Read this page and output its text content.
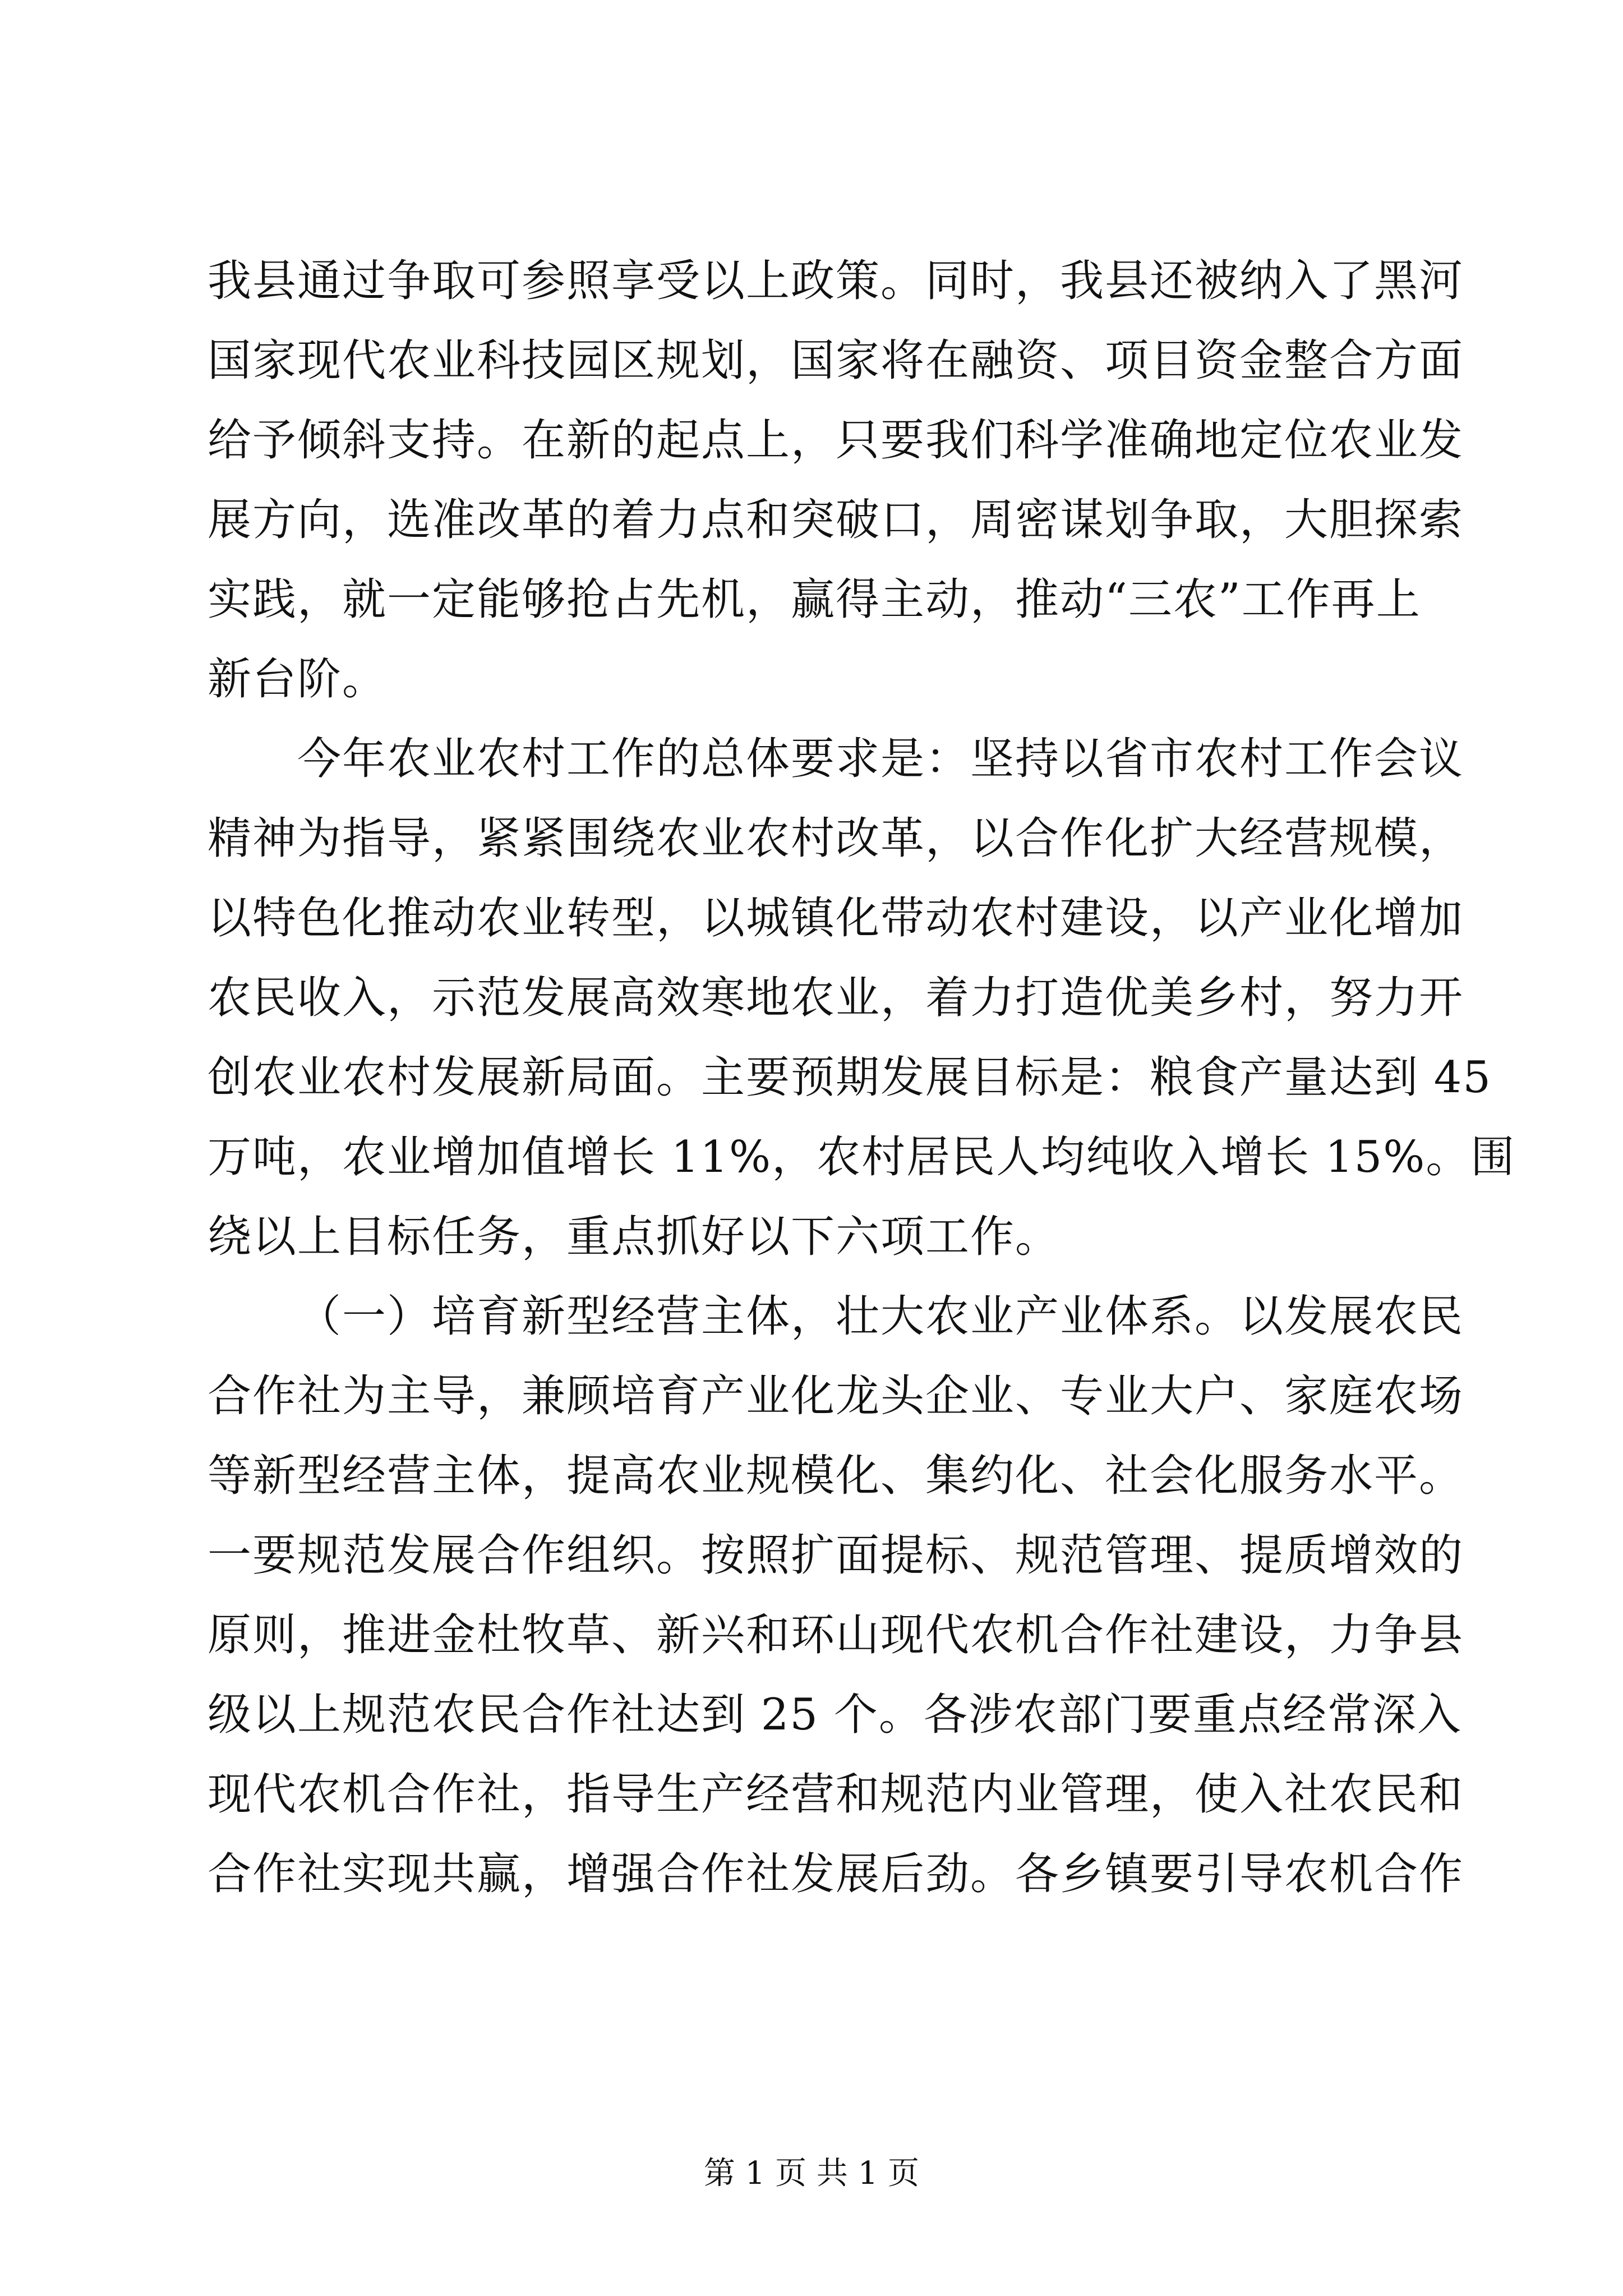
我县通过争取可参照享受以上政策。同时，我县还被纳入了黑河
国家现代农业科技园区规划，国家将在融资、项目资金整合方面
给予倾斜支持。在新的起点上，只要我们科学准确地定位农业发
展方向，选准改革的着力点和突破口，周密谋划争取，大胆探索
实践，就一定能够抢占先机，赢得主动，推动“三农”工作再上
新台阶。
今年农业农村工作的总体要求是：坚持以省市农村工作会议
精神为指导，紧紧围绕农业农村改革，以合作化扩大经营规模，
以特色化推动农业转型，以城镇化带动农村建设，以产业化增加
农民收入，示范发展高效寒地农业，着力打造优美乡村，努力开
创农业农村发展新局面。主要预期发展目标是：粮食产量达到 45
万吨，农业增加值增长 11%，农村居民人均纯收入增长 15%。围
绕以上目标任务，重点抓好以下六项工作。
（一）培育新型经营主体，壮大农业产业体系。以发展农民
合作社为主导，兼顾培育产业化龙头企业、专业大户、家庭农场
等新型经营主体，提高农业规模化、集约化、社会化服务水平。
一要规范发展合作组织。按照扩面提标、规范管理、提质增效的
原则，推进金杜牧草、新兴和环山现代农机合作社建设，力争县
级以上规范农民合作社达到 25 个。各涉农部门要重点经常深入
现代农机合作社，指导生产经营和规范内业管理，使入社农民和
合作社实现共赢，增强合作社发展后劲。各乡镇要引导农机合作
第 1 页 共 1 页
